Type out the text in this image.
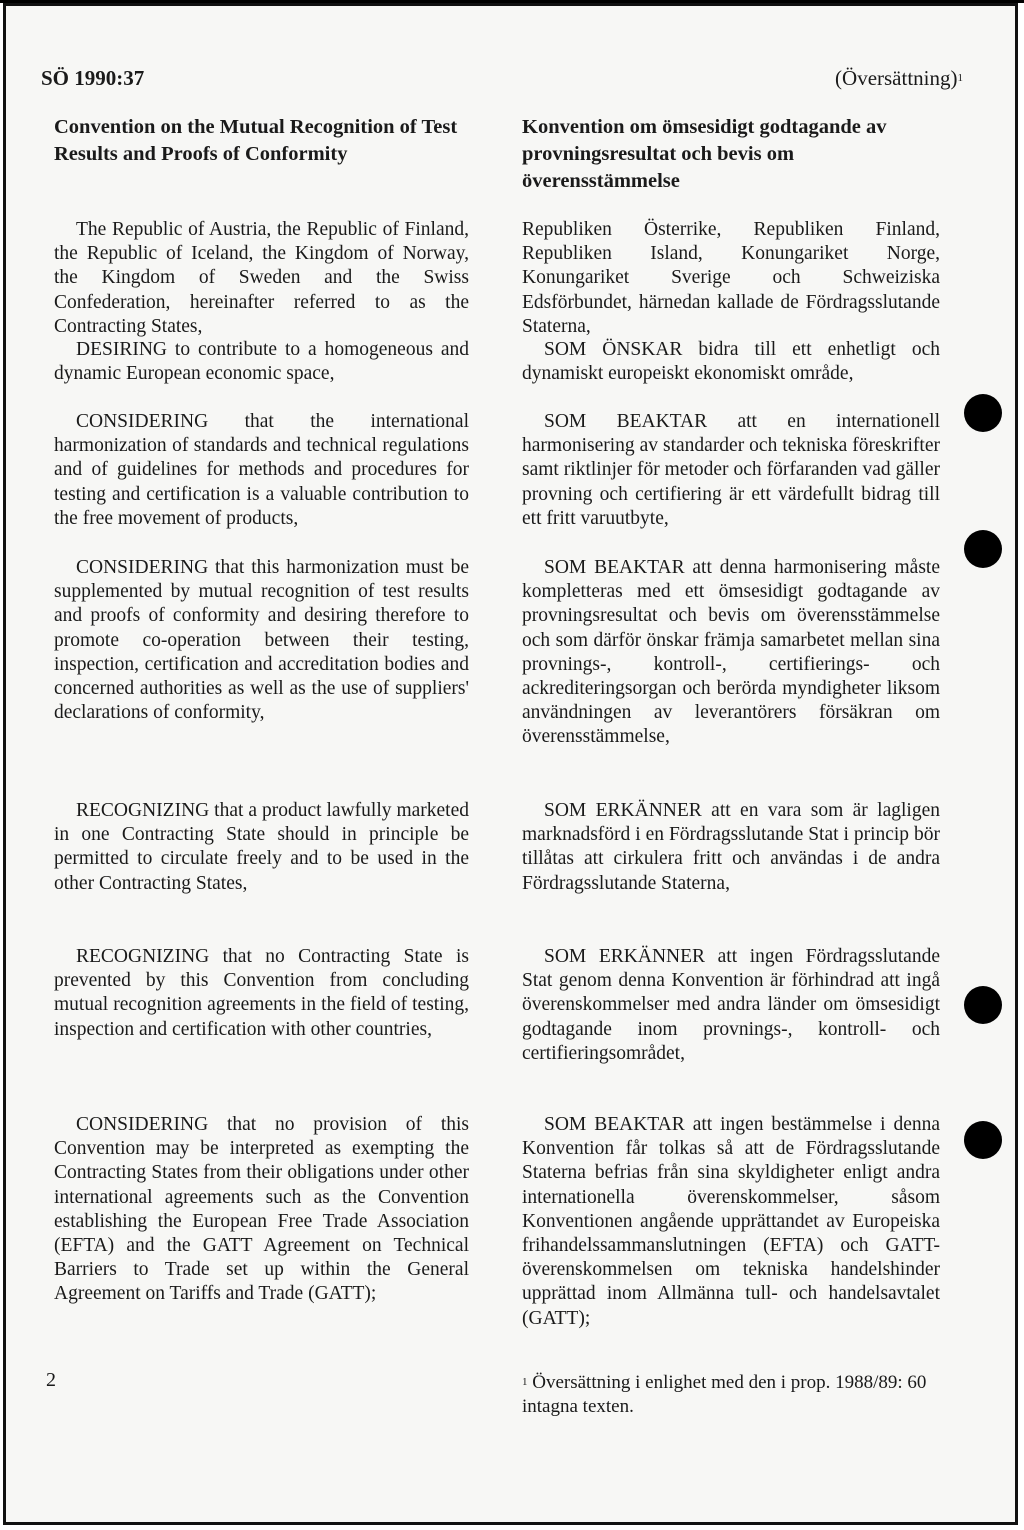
SÖ 1990:37	(Översättning)$^1$
Convention on the Mutual Recognition of Test Results and Proofs of Conformity
Konvention om ömsesidigt godtagande av provningsresultat och bevis om överensstämmelse

The Republic of Austria, the Republic of Finland, the Republic of Iceland, the Kingdom of Norway, the Kingdom of Sweden and the Swiss Confederation, hereinafter referred to as the Contracting States,

DESIRING to contribute to a homogeneous and dynamic European economic space,

CONSIDERING that the international harmonization of standards and technical regulations and of guidelines for methods and procedures for testing and certification is a valuable contribution to the free movement of products,

CONSIDERING that this harmonization must be supplemented by mutual recognition of test results and proofs of conformity and desiring therefore to promote co-operation between their testing, inspection, certification and accreditation bodies and concerned authorities as well as the use of suppliers' declarations of conformity,

RECOGNIZING that a product lawfully marketed in one Contracting State should in principle be permitted to circulate freely and to be used in the other Contracting States,

RECOGNIZING that no Contracting State is prevented by this Convention from concluding mutual recognition agreements in the field of testing, inspection and certification with other countries,

CONSIDERING that no provision of this Convention may be interpreted as exempting the Contracting States from their obligations under other international agreements such as the Convention establishing the European Free Trade Association (EFTA) and the GATT Agreement on Technical Barriers to Trade set up within the General Agreement on Tariffs and Trade (GATT);

Republiken Österrike, Republiken Finland, Republiken Island, Konungariket Norge, Konungariket Sverige och Schweiziska Edsförbundet, härnedan kallade de Fördragsslutande Staterna,

SOM ÖNSKAR bidra till ett enhetligt och dynamiskt europeiskt ekonomiskt område,

SOM BEAKTAR att en internationell harmonisering av standarder och tekniska föreskrifter samt riktlinjer för metoder och förfaranden vad gäller provning och certifiering är ett värdefullt bidrag till ett fritt varuutbyte,

SOM BEAKTAR att denna harmonisering måste kompletteras med ett ömsesidigt godtagande av provningsresultat och bevis om överensstämmelse och som därför önskar främja samarbetet mellan sina provnings-, kontroll-, certifierings- och ackrediteringsorgan och berörda myndigheter liksom användningen av leverantörers försäkran om överensstämmelse,

SOM ERKÄNNER att en vara som är lagligen marknadsförd i en Fördragsslutande Stat i princip bör tillåtas att cirkulera fritt och användas i de andra Fördragsslutande Staterna,

SOM ERKÄNNER att ingen Fördragsslutande Stat genom denna Konvention är förhindrad att ingå överenskommelser med andra länder om ömsesidigt godtagande inom provnings-, kontroll- och certifieringsområdet,

SOM BEAKTAR att ingen bestämmelse i denna Konvention får tolkas så att de Fördragsslutande Staterna befrias från sina skyldigheter enligt andra internationella överenskommelser, såsom Konventionen angående upprättandet av Europeiska frihandelssammanslutningen (EFTA) och GATT-överenskommelsen om tekniska handelshinder upprättad inom Allmänna tull- och handelsavtalet (GATT);

2	$^1$ Översättning i enlighet med den i prop. 1988/89: 60 intagna texten.
